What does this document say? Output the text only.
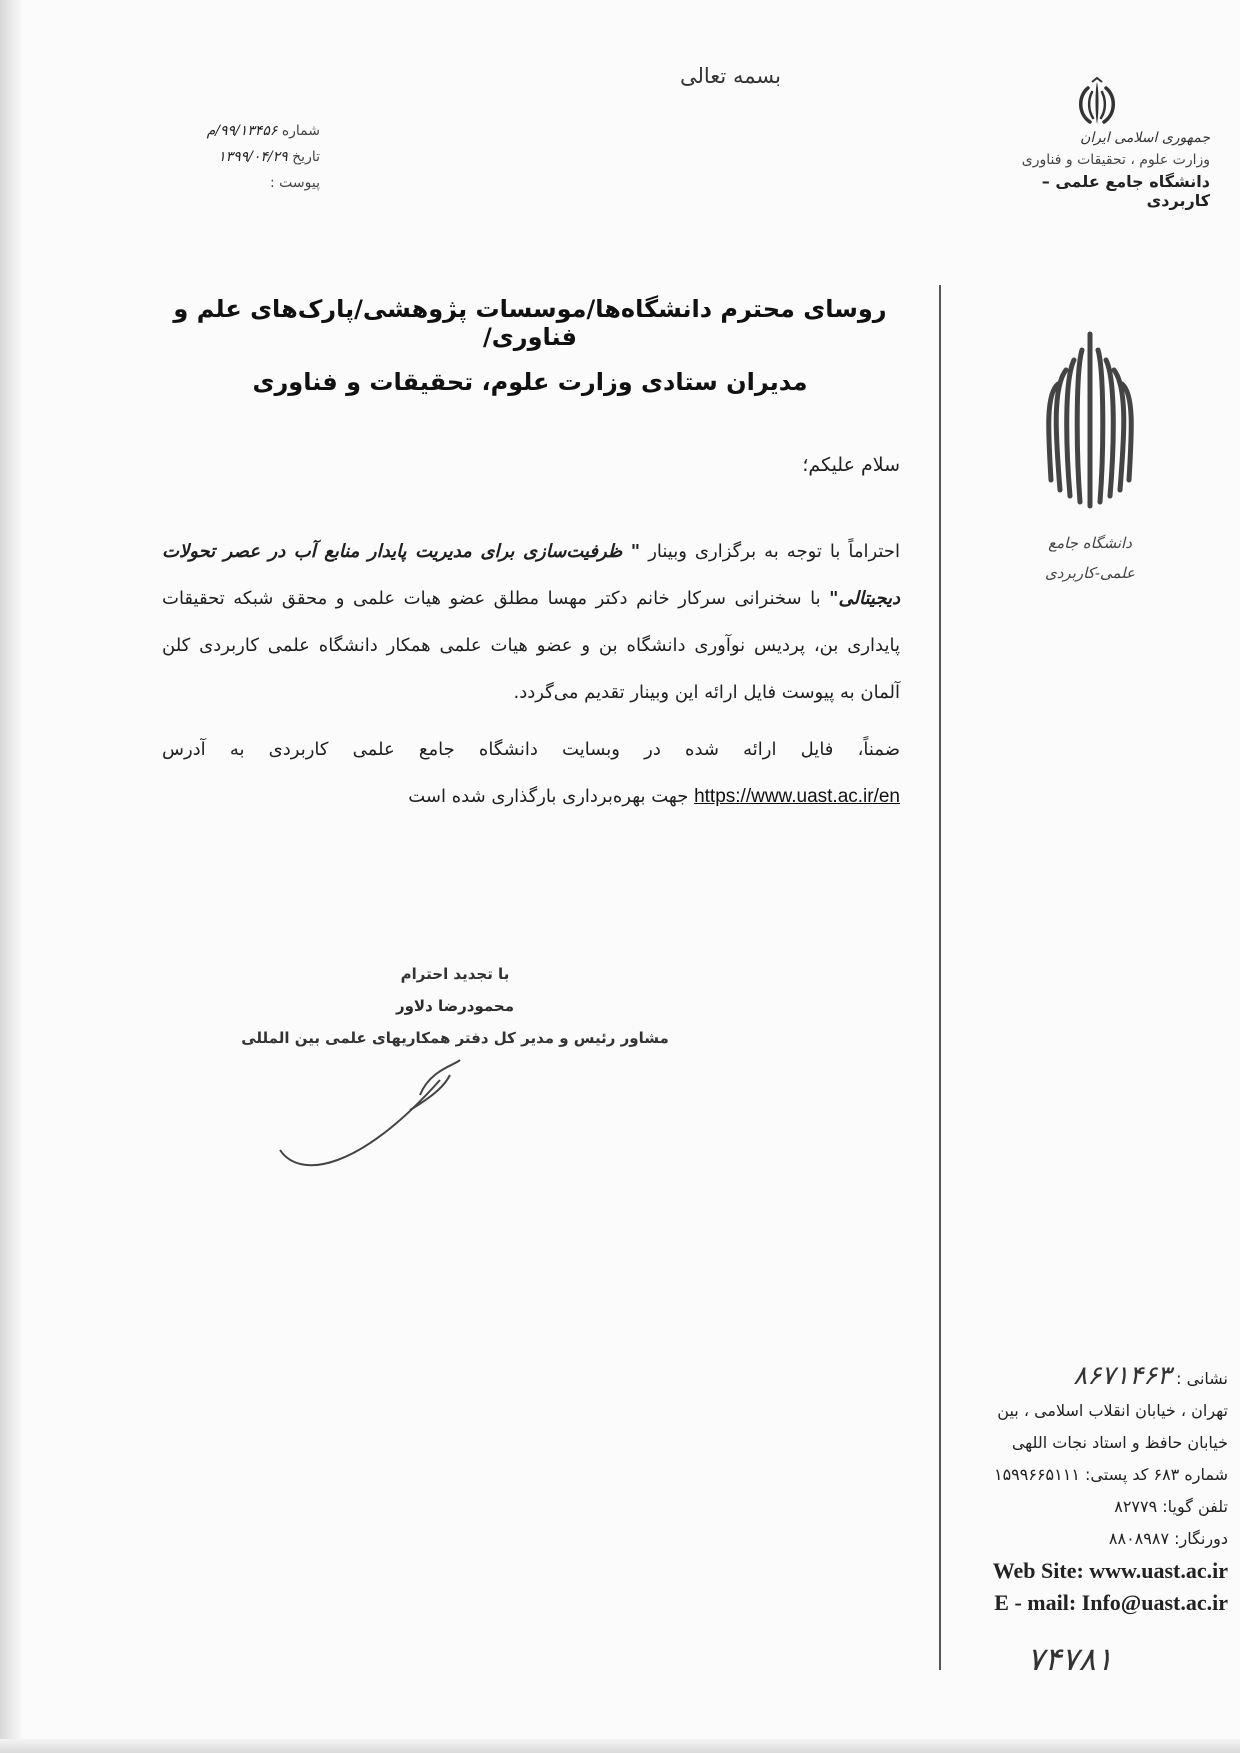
بسمه تعالی
شماره ۹۹/۱۳۴۵۶/م
تاریخ ۱۳۹۹/۰۴/۲۹
پیوست :
جمهوری اسلامی ایران
وزارت علوم ، تحقیقات و فناوری
دانشگاه جامع علمی – کاربردی
دانشگاه جامع
علمی-کاربردی
روسای محترم دانشگاه‌ها/موسسات پژوهشی/پارک‌های علم و فناوری/
مدیران ستادی وزارت علوم، تحقیقات و فناوری
سلام علیکم؛
احتراماً با توجه به برگزاری وبینار " ظرفیت‌سازی برای مدیریت پایدار منابع آب در عصر تحولات دیجیتالی" با سخنرانی سرکار خانم دکتر مهسا مطلق عضو هیات علمی و محقق شبکه تحقیقات پایداری بن، پردیس نوآوری دانشگاه بن و عضو هیات علمی همکار دانشگاه علمی کاربردی کلن آلمان به پیوست فایل ارائه این وبینار تقدیم می‌گردد.
ضمناً، فایل ارائه شده در وبسایت دانشگاه جامع علمی کاربردی به آدرس https://www.uast.ac.ir/en جهت بهره‌برداری بارگذاری شده است
با تجدید احترام
محمودرضا دلاور
مشاور رئیس و مدیر کل دفتر همکاریهای علمی بین المللی
نشانی : ۸۶۷۱۴۶۳
تهران ، خیابان انقلاب اسلامی ، بین
خیابان حافظ و استاد نجات اللهی
شماره ۶۸۳ کد پستی: ۱۵۹۹۶۶۵۱۱۱
تلفن گویا: ۸۲۷۷۹
دورنگار: ۸۸۰۸۹۸۷
Web Site: www.uast.ac.ir
E - mail: Info@uast.ac.ir
۷۴۷۸۱
